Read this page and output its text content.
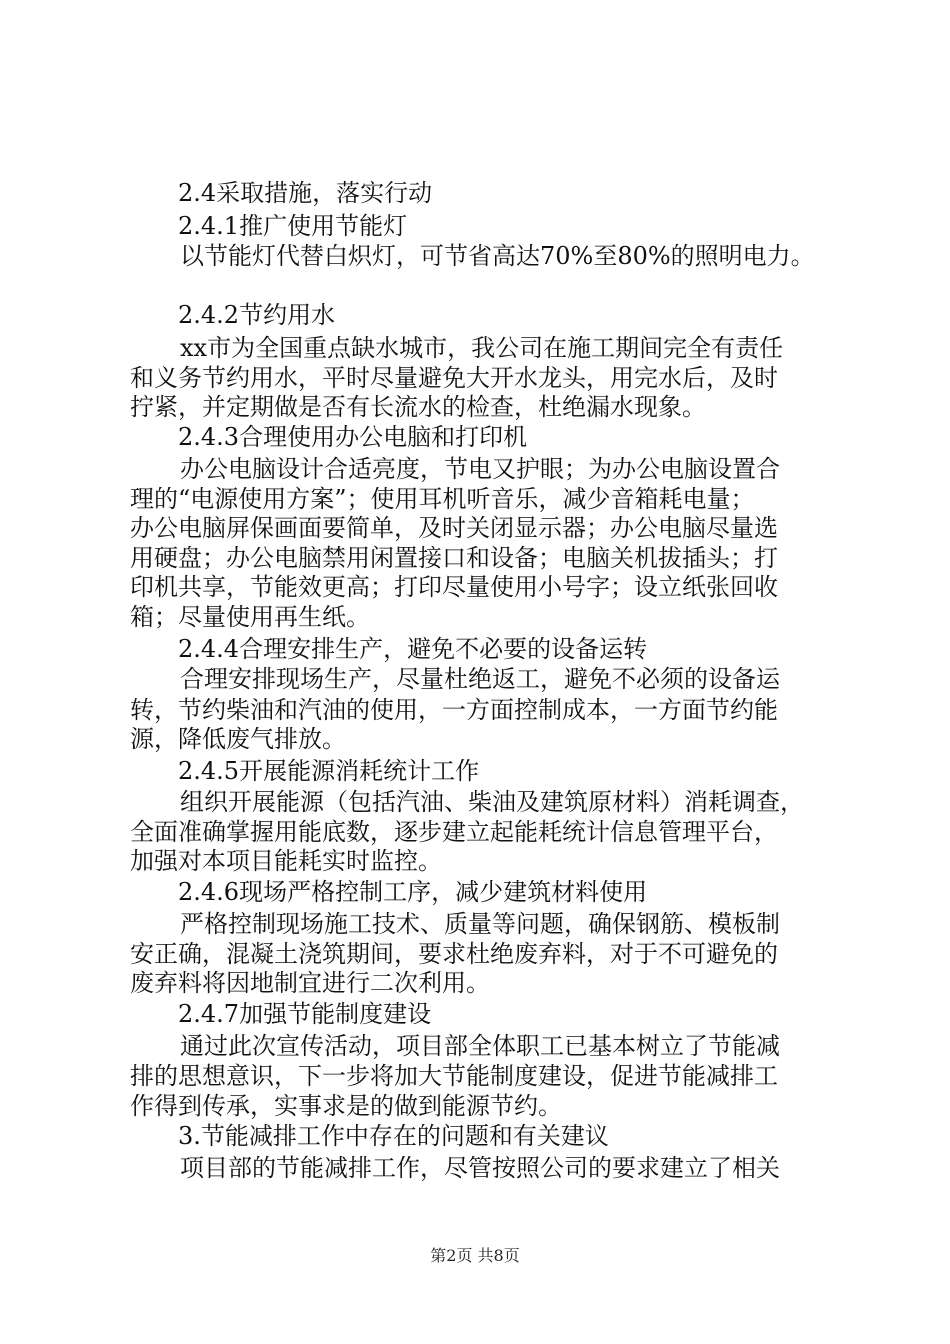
2.4采取措施，落实行动
2.4.1推广使用节能灯
以节能灯代替白炽灯，可节省高达70%至80%的照明电力。
2.4.2节约用水
xx市为全国重点缺水城市，我公司在施工期间完全有责任
和义务节约用水，平时尽量避免大开水龙头，用完水后，及时
拧紧，并定期做是否有长流水的检查，杜绝漏水现象。
2.4.3合理使用办公电脑和打印机
办公电脑设计合适亮度，节电又护眼；为办公电脑设置合
理的“电源使用方案”；使用耳机听音乐，减少音箱耗电量；
办公电脑屏保画面要简单，及时关闭显示器；办公电脑尽量选
用硬盘；办公电脑禁用闲置接口和设备；电脑关机拔插头；打
印机共享，节能效更高；打印尽量使用小号字；设立纸张回收
箱；尽量使用再生纸。
2.4.4合理安排生产，避免不必要的设备运转
合理安排现场生产，尽量杜绝返工，避免不必须的设备运
转，节约柴油和汽油的使用，一方面控制成本，一方面节约能
源，降低废气排放。
2.4.5开展能源消耗统计工作
组织开展能源（包括汽油、柴油及建筑原材料）消耗调查，
全面准确掌握用能底数，逐步建立起能耗统计信息管理平台，
加强对本项目能耗实时监控。
2.4.6现场严格控制工序，减少建筑材料使用
严格控制现场施工技术、质量等问题，确保钢筋、模板制
安正确，混凝土浇筑期间，要求杜绝废弃料，对于不可避免的
废弃料将因地制宜进行二次利用。
2.4.7加强节能制度建设
通过此次宣传活动，项目部全体职工已基本树立了节能减
排的思想意识，下一步将加大节能制度建设，促进节能减排工
作得到传承，实事求是的做到能源节约。
3.节能减排工作中存在的问题和有关建议
项目部的节能减排工作，尽管按照公司的要求建立了相关
第2页 共8页
